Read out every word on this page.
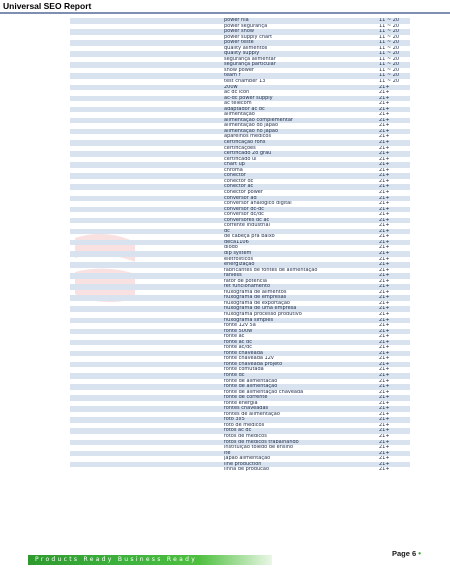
Universal SEO Report
power hia	11 ~ 20
power segurança	11 ~ 20
power show	11 ~ 20
power supply chart	11 ~ 20
power teste	11 ~ 20
quality alimentos	11 ~ 20
quality supply	11 ~ 20
segurança alimentar	11 ~ 20
segurança particular	11 ~ 20
show power	11 ~ 20
team r	11 ~ 20
test chamber 13	11 ~ 20
200w	21+
ac dc icon	21+
ac-dc power supply	21+
ac telecom	21+
adaptador ac dc	21+
alimentação	21+
alimentação complementar	21+
alimentação do japão	21+
alimentação no japão	21+
aparelhos medicos	21+
certificação rohs	21+
certificações	21+
certificado 2o grau	21+
certificado ul	21+
chart up	21+
chroma	21+
conector	21+
conector dc	21+
conector ac	21+
conector power	21+
conversor ad	21+
conversor analógico digital	21+
conversor dc-dc	21+
conversor dc/dc	21+
conversores dc ac	21+
corrente industrial	21+
dc	21+
de cabeça pra baixo	21+
deca1106	21+
diodo	21+
dip system	21+
eletrolíticos	21+
energização	21+
fabricantes de fontes de alimentação	21+
fanless	21+
fator de potencia	21+
fet funcionamento	21+
fluxograma de alimentos	21+
fluxograma de empresas	21+
fluxograma de exportação	21+
fluxograma de uma empresa	21+
fluxograma processo produtivo	21+
fluxograma simples	21+
fonte 12v 5a	21+
fonte 500w	21+
fonte ac	21+
fonte ac dc	21+
fonte ac/dc	21+
fonte chaveada	21+
fonte chaveada 12v	21+
fonte chaveada projeto	21+
fonte comutada	21+
fonte dc	21+
fonte de alimentacao	21+
fonte de alimentação	21+
fonte de alimentação chaveada	21+
fonte de corrente	21+
fonte energia	21+
fontes chaveadas	21+
fontes de alimentação	21+
foto 3x5	21+
foto de medicos	21+
fotos ac dc	21+
fotos de medicos	21+
fotos de medicos trabalhando	21+
instituição toledo de ensino	21+
ite	21+
japão alimentação	21+
line production	21+
linha de producao	21+
Products Ready Business Ready
Page 6 •
